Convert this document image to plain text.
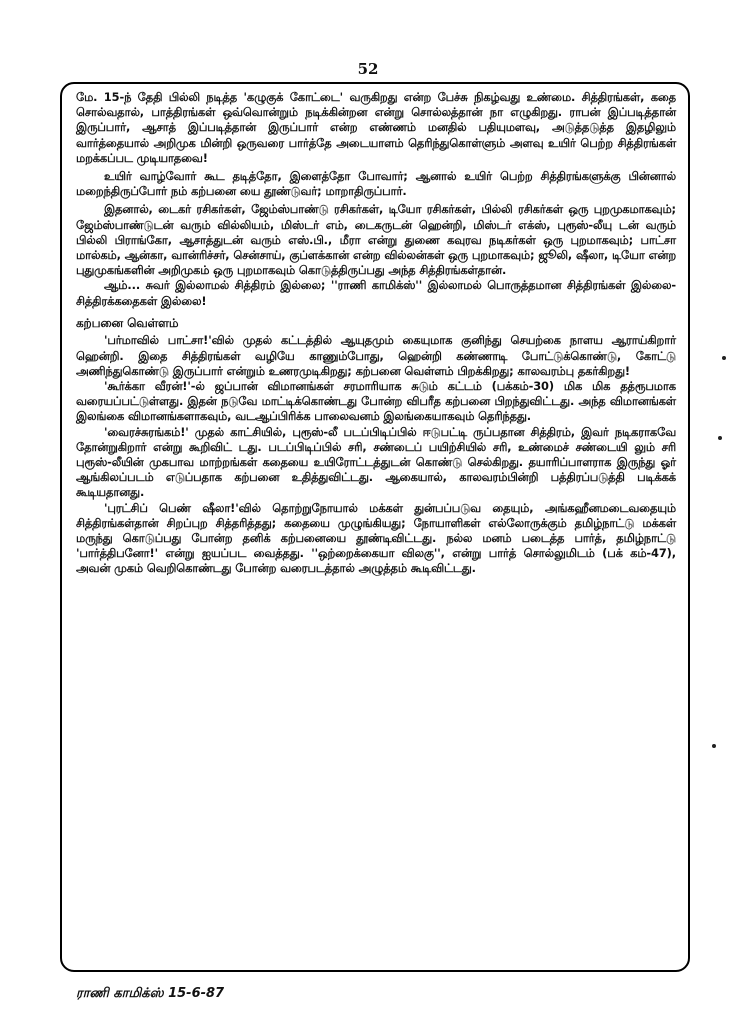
52

மே. 15-ந் தேதி பில்லி நடித்த 'கழுகுக் கோட்டை' வருகிறது என்ற பேச்சு நிகழ்வது உண்மை. சித்திரங்கள், கதை சொல்வதால், பாத்திரங்கள் ஒவ்வொன்றும் நடிக்கின்றன என்று சொல்லத்தான் நா எழுகிறது. ராபன் இப்படித்தான் இருப்பார், ஆசாத் இப்படித்தான் இருப்பார் என்ற எண்ணம் மனதில் பதியுமளவு, அடுத்தடுத்த இதழிலும் வார்த்தையால் அறிமுக மின்றி ஒருவரை பார்த்தே அடையாளம் தெரிந்துகொள்ளும் அளவு உயிர் பெற்ற சித்திரங்கள் மறக்கப்பட முடியாதவை!

உயிர் வாழ்வோர் கூட தடித்தோ, இளைத்தோ போவார்; ஆனால் உயிர் பெற்ற சித்திரங்களுக்கு பின்னால் மறைந்திருப்போர் நம் கற்பனை யை தூண்டுவர்; மாறாதிருப்பார்.

இதனால், டைகர் ரசிகர்கள், ஜேம்ஸ்பாண்டு ரசிகர்கள், டியோ ரசிகர்கள், பில்லி ரசிகர்கள் ஒரு புறமுகமாகவும்; ஜேம்ஸ்பாண்டுடன் வரும் வில்லியம், மிஸ்டர் எம், டைகருடன் ஹென்றி, மிஸ்டர் எக்ஸ், புரூஸ்-லீயு டன் வரும் பில்லி பிராங்கோ, ஆசாத்துடன் வரும் எஸ்.பி., மீரா என்று துணை கவுரவ நடிகர்கள் ஒரு புறமாகவும்; பாட்சா மால்கம், ஆன்கா, வான்ரிச்சர், சென்சாய், குப்ளக்கான் என்ற வில்லன்கள் ஒரு புறமாகவும்; ஜூலி, ஷீலா, டியோ என்ற புதுமுகங்களின் அறிமுகம் ஒரு புறமாகவும் கொடுத்திருப்பது அந்த சித்திரங்கள்தான்.

ஆம்... சுவர் இல்லாமல் சித்திரம் இல்லை; ''ராணி காமிக்ஸ்'' இல்லாமல் பொருத்தமான சித்திரங்கள் இல்லை-சித்திரக்கதைகள் இல்லை!

கற்பனை வெள்ளம்

'பர்மாவில் பாட்சா!'வில் முதல் கட்டத்தில் ஆயுதமும் கையுமாக குனிந்து செயற்கை நாளய ஆராய்கிறார் ஹென்றி. இதை சித்திரங்கள் வழியே காணும்போது, ஹென்றி கண்ணாடி போட்டுக்கொண்டு, கோட்டு அணிந்துகொண்டு இருப்பார் என்றும் உணரமுடிகிறது; கற்பனை வெள்ளம் பிறக்கிறது; காலவரம்பு தகர்கிறது!

'கூர்க்கா வீரன்!'-ல் ஜப்பான் விமானங்கள் சரமாரியாக சுடும் கட்டம் (பக்கம்-30) மிக மிக தத்ரூபமாக வரையப்பட்டுள்ளது. இதன் நடுவே மாட்டிக்கொண்டது போன்ற விபரீத கற்பனை பிறந்துவிட்டது. அந்த விமானங்கள் இலங்கை விமானங்களாகவும், வடஆப்பிரிக்க பாலைவனம் இலங்கையாகவும் தெரிந்தது.

'வைரச்சுரங்கம்!' முதல் காட்சியில், புரூஸ்-லீ படப்பிடிப்பில் ஈடுபட்டி ருப்பதான சித்திரம், இவர் நடிகராகவே தோன்றுகிறார் என்று கூறிவிட் டது. படப்பிடிப்பில் சரி, சண்டைப் பயிற்சியில் சரி, உண்மைச் சண்டையி லும் சரி புரூஸ்-லீயின் முகபாவ மாற்றங்கள் கதையை உயிரோட்டத்துடன் கொண்டு செல்கிறது. தயாரிப்பாளராக இருந்து ஓர் ஆங்கிலப்படம் எடுப்பதாக கற்பனை உதித்துவிட்டது. ஆகையால், காலவரம்பின்றி பத்திரப்படுத்தி படிக்கக் கூடியதானது.

'புரட்சிப் பெண் ஷீலா!'வில் தொற்றுநோயால் மக்கள் துன்பப்படுவ தையும், அங்கஹீனமடைவதையும் சித்திரங்கள்தான் சிறப்புற சித்தரித்தது; கதையை முழுங்கியது; நோயாளிகள் எல்லோருக்கும் தமிழ்நாட்டு மக்கள் மருந்து கொடுப்பது போன்ற தனிக் கற்பனையை தூண்டிவிட்டது. நல்ல மனம் படைத்த பார்த், தமிழ்நாட்டு 'பார்த்திபனோ!' என்று ஐயப்பட வைத்தது. ''ஒற்றைக்கையா விலகு'', என்று பார்த் சொல்லுமிடம் (பக் கம்-47), அவன் முகம் வெறிகொண்டது போன்ற வரைபடத்தால் அழுத்தம் கூடிவிட்டது.

ராணி காமிக்ஸ் 15-6-87
